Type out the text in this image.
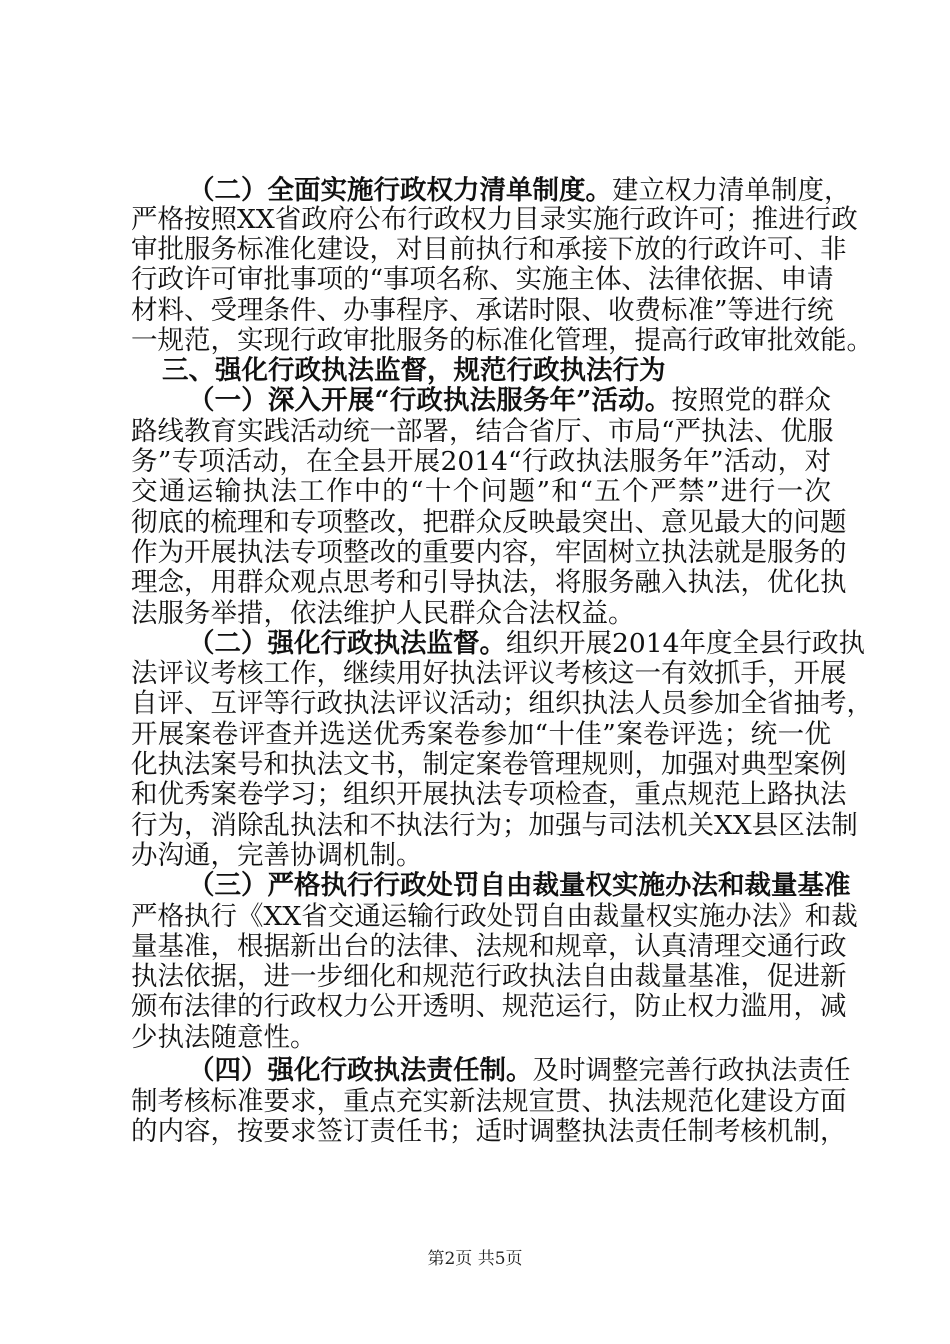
（二）全面实施行政权力清单制度。建立权力清单制度，
严格按照XX省政府公布行政权力目录实施行政许可；推进行政
审批服务标准化建设，对目前执行和承接下放的行政许可、非
行政许可审批事项的“事项名称、实施主体、法律依据、申请
材料、受理条件、办事程序、承诺时限、收费标准”等进行统
一规范，实现行政审批服务的标准化管理，提高行政审批效能。
三、强化行政执法监督，规范行政执法行为
（一）深入开展“行政执法服务年”活动。按照党的群众
路线教育实践活动统一部署，结合省厅、市局“严执法、优服
务”专项活动，在全县开展2014“行政执法服务年”活动，对
交通运输执法工作中的“十个问题”和“五个严禁”进行一次
彻底的梳理和专项整改，把群众反映最突出、意见最大的问题
作为开展执法专项整改的重要内容，牢固树立执法就是服务的
理念，用群众观点思考和引导执法，将服务融入执法，优化执
法服务举措，依法维护人民群众合法权益。
（二）强化行政执法监督。组织开展2014年度全县行政执
法评议考核工作，继续用好执法评议考核这一有效抓手，开展
自评、互评等行政执法评议活动；组织执法人员参加全省抽考，
开展案卷评查并选送优秀案卷参加“十佳”案卷评选；统一优
化执法案号和执法文书，制定案卷管理规则，加强对典型案例
和优秀案卷学习；组织开展执法专项检查，重点规范上路执法
行为，消除乱执法和不执法行为；加强与司法机关XX县区法制
办沟通，完善协调机制。
（三）严格执行行政处罚自由裁量权实施办法和裁量基准
严格执行《XX省交通运输行政处罚自由裁量权实施办法》和裁
量基准，根据新出台的法律、法规和规章，认真清理交通行政
执法依据，进一步细化和规范行政执法自由裁量基准，促进新
颁布法律的行政权力公开透明、规范运行，防止权力滥用，减
少执法随意性。
（四）强化行政执法责任制。及时调整完善行政执法责任
制考核标准要求，重点充实新法规宣贯、执法规范化建设方面
的内容，按要求签订责任书；适时调整执法责任制考核机制，
第2页 共5页
